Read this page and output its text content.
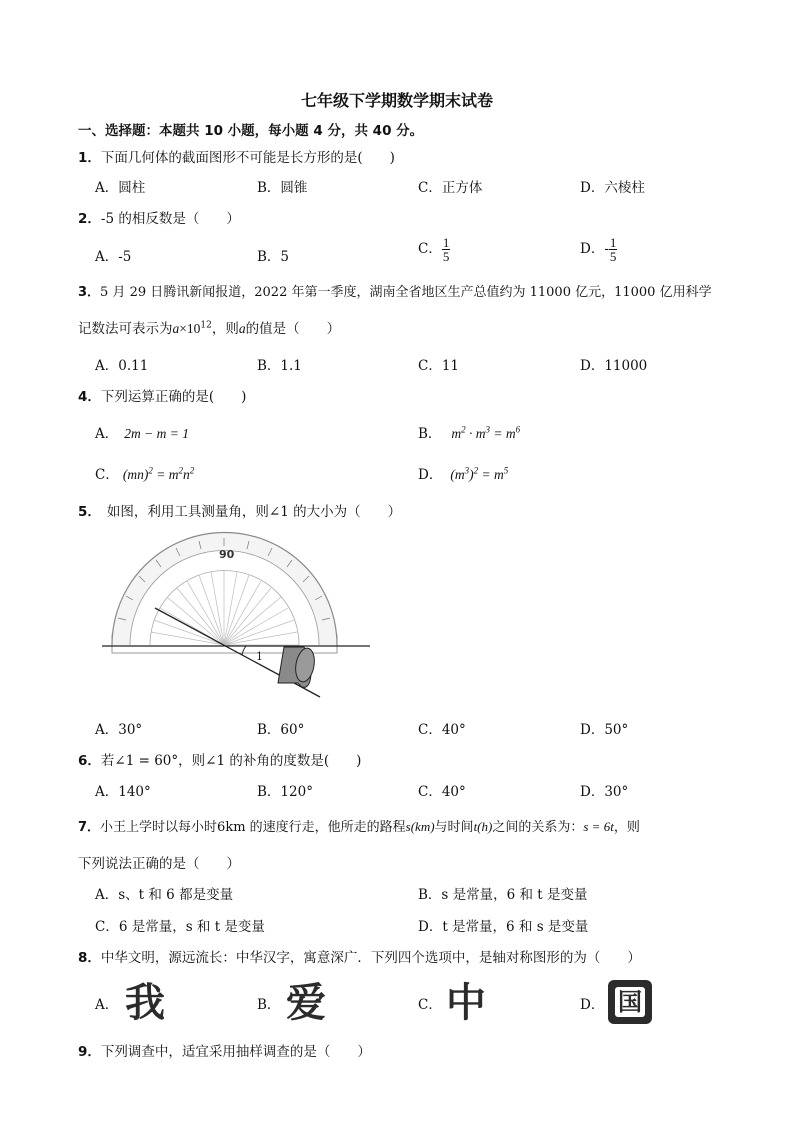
七年级下学期数学期末试卷
一、选择题：本题共 10 小题，每小题 4 分，共 40 分。
1．下面几何体的截面图形不可能是长方形的是(　　)
A．圆柱	B．圆锥	C．正方体	D．六棱柱
2．-5 的相反数是（　　）
A．-5	B．5	C． $\frac{1}{5}$	D．- $\frac{1}{5}$
3．5 月 29 日腾讯新闻报道，2022 年第一季度，湖南全省地区生产总值约为 11000 亿元，11000 亿用科学
记数法可表示为$a\times 10^{12}$，则a的值是（　　）
A．0.11	B．1.1	C．11	D．11000
4．下列运算正确的是(　　)
A． 2m − m = 1	B． $m^2 \cdot m^3 = m^6$
C． $(mn)^2 = m^2n^2$	D． $(m^3)^2 = m^5$
5． 如图，利用工具测量角，则∠1 的大小为（　　）
90
1
A．30°	B．60°	C．40°	D．50°
6．若∠1 = 60°，则∠1 的补角的度数是(　　)
A．140°	B．120°	C．40°	D．30°
7．小王上学时以每小时6km 的速度行走，他所走的路程s(km)与时间t(h)之间的关系为：s = 6t，则
下列说法正确的是（　　）
A．s、t 和 6 都是变量	B．s 是常量，6 和 t 是变量
C．6 是常量，s 和 t 是变量	D．t 是常量，6 和 s 是变量
8．中华文明，源远流长：中华汉字，寓意深广．下列四个选项中，是轴对称图形的为（　　）
A． 我	B． 爱	C． 中	D． 国
9．下列调查中，适宜采用抽样调查的是（　　）
